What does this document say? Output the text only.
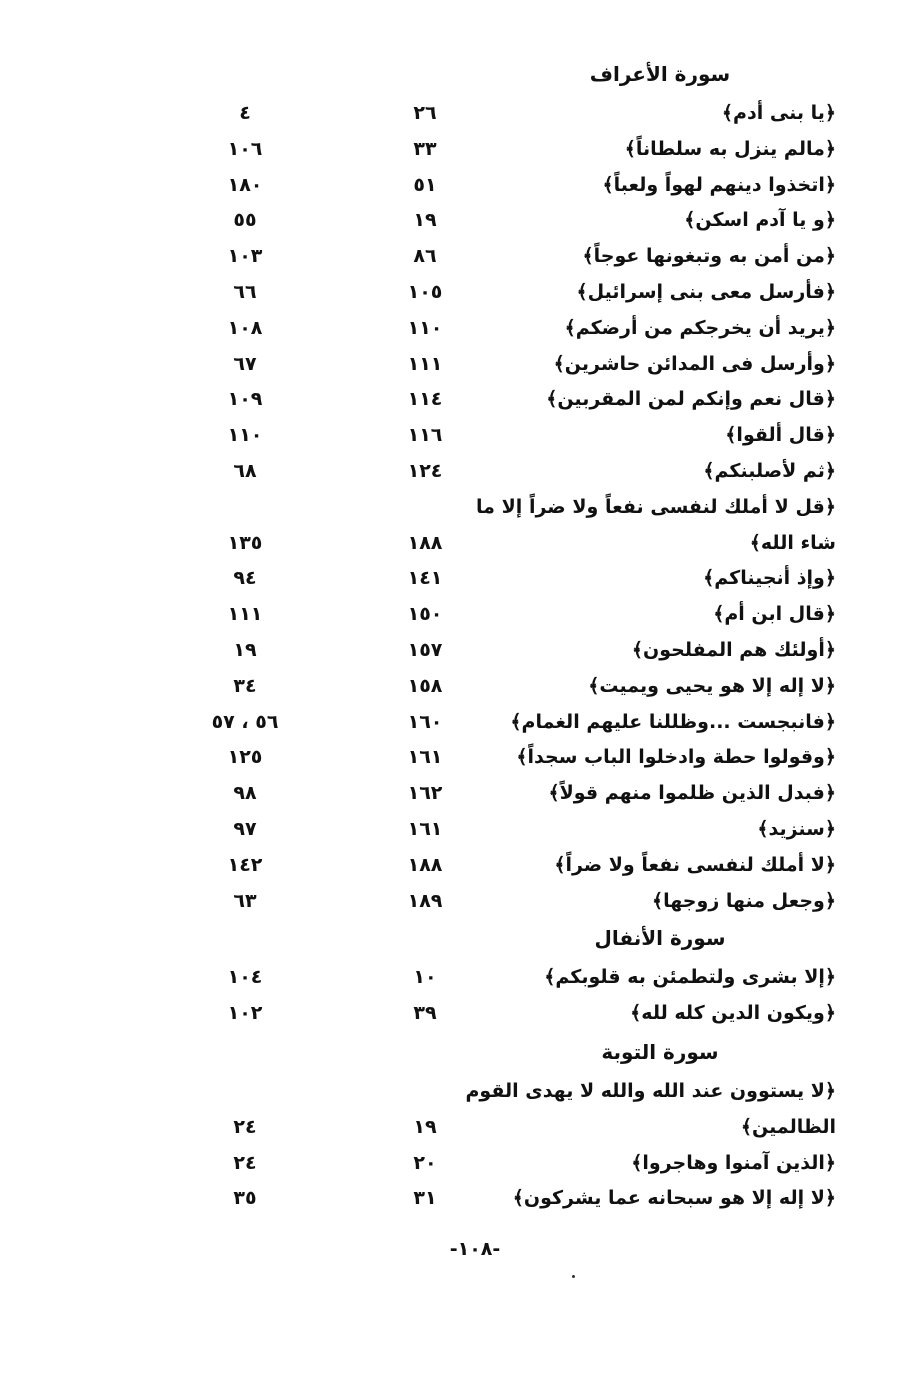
سورة الأعراف
﴿يا بنى أدم﴾
٢٦
٤
﴿مالم ينزل به سلطاناً﴾
٣٣
١٠٦
﴿اتخذوا دينهم لهواً ولعباً﴾
٥١
١٨٠
﴿و يا آدم اسكن﴾
١٩
٥٥
﴿من أمن به وتبغونها عوجاً﴾
٨٦
١٠٣
﴿فأرسل معى بنى إسرائيل﴾
١٠٥
٦٦
﴿يريد أن يخرجكم من أرضكم﴾
١١٠
١٠٨
﴿وأرسل فى المدائن حاشرين﴾
١١١
٦٧
﴿قال نعم وإنكم لمن المقربين﴾
١١٤
١٠٩
﴿قال ألقوا﴾
١١٦
١١٠
﴿ثم لأصلبنكم﴾
١٢٤
٦٨
﴿قل لا أملك لنفسى نفعاً ولا ضراً إلا ما
شاء الله﴾
١٨٨
١٣٥
﴿وإذ أنجيناكم﴾
١٤١
٩٤
﴿قال ابن أم﴾
١٥٠
١١١
﴿أولئك هم المفلحون﴾
١٥٧
١٩
﴿لا إله إلا هو يحيى ويميت﴾
١٥٨
٣٤
﴿فانبجست ...وظللنا عليهم الغمام﴾
١٦٠
٥٦ ، ٥٧
﴿وقولوا حطة وادخلوا الباب سجداً﴾
١٦١
١٢٥
﴿فبدل الذين ظلموا منهم قولاً﴾
١٦٢
٩٨
﴿سنزيد﴾
١٦١
٩٧
﴿لا أملك لنفسى نفعاً ولا ضراً﴾
١٨٨
١٤٢
﴿وجعل منها زوجها﴾
١٨٩
٦٣
سورة الأنفال
﴿إلا بشرى ولتطمئن به قلوبكم﴾
١٠
١٠٤
﴿ويكون الدين كله لله﴾
٣٩
١٠٢
سورة التوبة
﴿لا يستوون عند الله والله لا يهدى القوم
الظالمين﴾
١٩
٢٤
﴿الذين آمنوا وهاجروا﴾
٢٠
٢٤
﴿لا إله إلا هو سبحانه عما يشركون﴾
٣١
٣٥
-١٠٨-
